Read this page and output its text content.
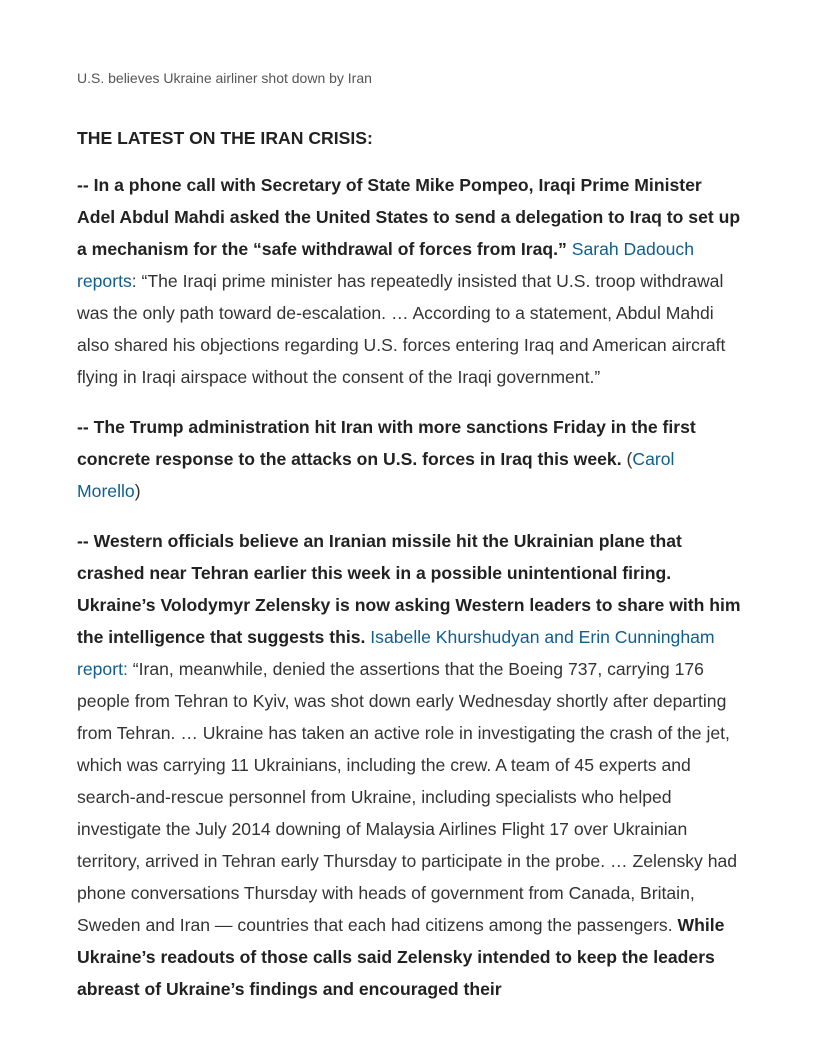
U.S. believes Ukraine airliner shot down by Iran

THE LATEST ON THE IRAN CRISIS:

-- In a phone call with Secretary of State Mike Pompeo, Iraqi Prime Minister Adel Abdul Mahdi asked the United States to send a delegation to Iraq to set up a mechanism for the “safe withdrawal of forces from Iraq.” Sarah Dadouch reports: “The Iraqi prime minister has repeatedly insisted that U.S. troop withdrawal was the only path toward de-escalation. … According to a statement, Abdul Mahdi also shared his objections regarding U.S. forces entering Iraq and American aircraft flying in Iraqi airspace without the consent of the Iraqi government.”

-- The Trump administration hit Iran with more sanctions Friday in the first concrete response to the attacks on U.S. forces in Iraq this week. (Carol Morello)

-- Western officials believe an Iranian missile hit the Ukrainian plane that crashed near Tehran earlier this week in a possible unintentional firing. Ukraine’s Volodymyr Zelensky is now asking Western leaders to share with him the intelligence that suggests this. Isabelle Khurshudyan and Erin Cunningham report: “Iran, meanwhile, denied the assertions that the Boeing 737, carrying 176 people from Tehran to Kyiv, was shot down early Wednesday shortly after departing from Tehran. … Ukraine has taken an active role in investigating the crash of the jet, which was carrying 11 Ukrainians, including the crew. A team of 45 experts and search-and-rescue personnel from Ukraine, including specialists who helped investigate the July 2014 downing of Malaysia Airlines Flight 17 over Ukrainian territory, arrived in Tehran early Thursday to participate in the probe. … Zelensky had phone conversations Thursday with heads of government from Canada, Britain, Sweden and Iran — countries that each had citizens among the passengers. While Ukraine’s readouts of those calls said Zelensky intended to keep the leaders abreast of Ukraine’s findings and encouraged their
